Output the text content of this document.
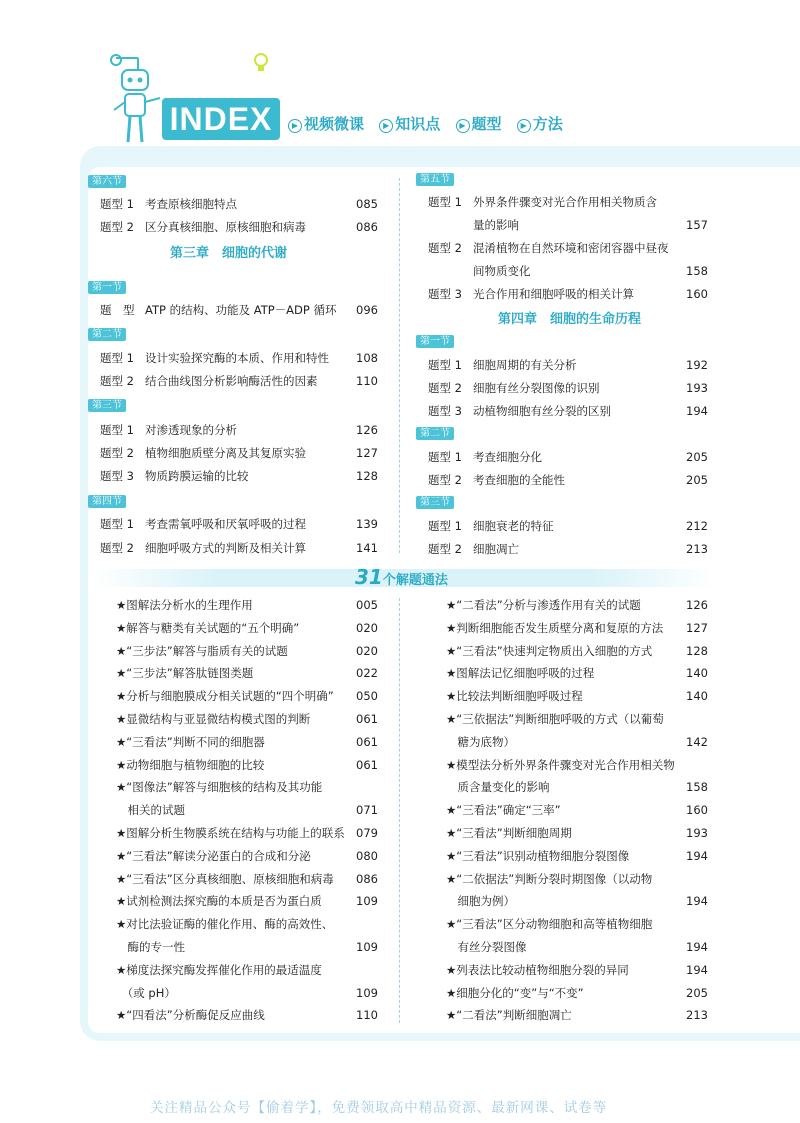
INDEX	▶ 视频微课 ▶ 知识点 ▶ 题型 ▶ 方法
第六节
题型 1 考查原核细胞特点	085
题型 2 区分真核细胞、原核细胞和病毒	086
第三章　细胞的代谢
第一节
题　型 ATP 的结构、功能及 ATP－ADP 循环	096
第二节
题型 1 设计实验探究酶的本质、作用和特性	108
题型 2 结合曲线图分析影响酶活性的因素	110
第三节
题型 1 对渗透现象的分析	126
题型 2 植物细胞质壁分离及其复原实验	127
题型 3 物质跨膜运输的比较	128
第四节
题型 1 考查需氧呼吸和厌氧呼吸的过程	139
题型 2 细胞呼吸方式的判断及相关计算	141
第五节
题型 1 外界条件骤变对光合作用相关物质含
量的影响	157
题型 2 混淆植物在自然环境和密闭容器中昼夜
间物质变化	158
题型 3 光合作用和细胞呼吸的相关计算	160
第四章　细胞的生命历程
第一节
题型 1 细胞周期的有关分析	192
题型 2 细胞有丝分裂图像的识别	193
题型 3 动植物细胞有丝分裂的区别	194
第二节
题型 1 考查细胞分化	205
题型 2 考查细胞的全能性	205
第三节
题型 1 细胞衰老的特征	212
题型 2 细胞凋亡	213
31个解题通法
★图解法分析水的生理作用	005
★解答与糖类有关试题的“五个明确”	020
★“三步法”解答与脂质有关的试题	020
★“三步法”解答肽链图类题	022
★分析与细胞膜成分相关试题的“四个明确”	050
★显微结构与亚显微结构模式图的判断	061
★“三看法”判断不同的细胞器	061
★动物细胞与植物细胞的比较	061
★“图像法”解答与细胞核的结构及其功能
　相关的试题	071
★图解分析生物膜系统在结构与功能上的联系 079
★“三看法”解读分泌蛋白的合成和分泌	080
★“三看法”区分真核细胞、原核细胞和病毒	086
★试剂检测法探究酶的本质是否为蛋白质	109
★对比法验证酶的催化作用、酶的高效性、
　酶的专一性	109
★梯度法探究酶发挥催化作用的最适温度
　（或 pH）	109
★“四看法”分析酶促反应曲线	110
★“二看法”分析与渗透作用有关的试题	126
★判断细胞能否发生质壁分离和复原的方法	127
★“三看法”快速判定物质出入细胞的方式	128
★图解法记忆细胞呼吸的过程	140
★比较法判断细胞呼吸过程	140
★“三依据法”判断细胞呼吸的方式（以葡萄
　糖为底物）	142
★模型法分析外界条件骤变对光合作用相关物
　质含量变化的影响	158
★“三看法”确定“三率”	160
★“三看法”判断细胞周期	193
★“三看法”识别动植物细胞分裂图像	194
★“二依据法”判断分裂时期图像（以动物
　细胞为例）	194
★“三看法”区分动物细胞和高等植物细胞
　有丝分裂图像	194
★列表法比较动植物细胞分裂的异同	194
★细胞分化的“变”与“不变”	205
★“二看法”判断细胞凋亡	213
关注精品公众号【偷着学】，免费领取高中精品资源、最新网课、试卷等
